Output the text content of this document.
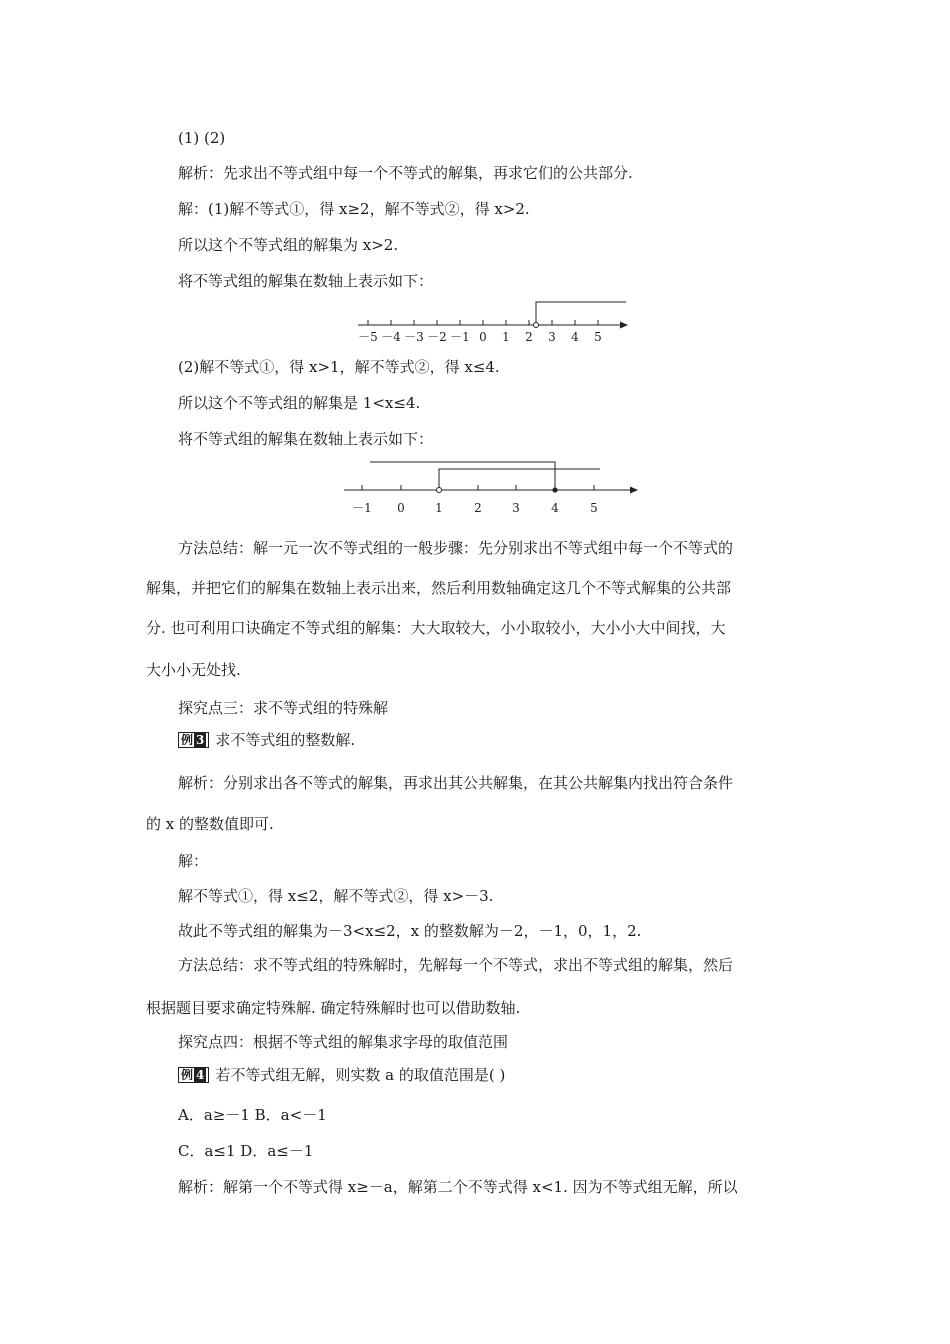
(1) (2)
解析：先求出不等式组中每一个不等式的解集，再求它们的公共部分.
解：(1)解不等式①，得 x≥2，解不等式②，得 x>2.
所以这个不等式组的解集为 x>2.
将不等式组的解集在数轴上表示如下：
－5 －4 －3 －2 －1 0 1 2 3 4 5
(2)解不等式①，得 x>1，解不等式②，得 x≤4.
所以这个不等式组的解集是 1<x≤4.
将不等式组的解集在数轴上表示如下：
－1 0	1	2	3	4	5
方法总结：解一元一次不等式组的一般步骤：先分别求出不等式组中每一个不等式的
解集，并把它们的解集在数轴上表示出来，然后利用数轴确定这几个不等式解集的公共部
分. 也可利用口诀确定不等式组的解集：大大取较大，小小取较小，大小小大中间找，大
大小小无处找.
探究点三：求不等式组的特殊解
例 3 求不等式组的整数解.
解析：分别求出各不等式的解集，再求出其公共解集，在其公共解集内找出符合条件
的 x 的整数值即可.
解：
解不等式①，得 x≤2，解不等式②，得 x>－3.
故此不等式组的解集为－3<x≤2，x 的整数解为－2，－1，0，1，2.
方法总结：求不等式组的特殊解时，先解每一个不等式，求出不等式组的解集，然后
根据题目要求确定特殊解. 确定特殊解时也可以借助数轴.
探究点四：根据不等式组的解集求字母的取值范围
例 4 若不等式组无解，则实数 a 的取值范围是( )
A．a≥－1 B．a<－1
C．a≤1 D．a≤－1
解析：解第一个不等式得 x≥－a，解第二个不等式得 x<1. 因为不等式组无解，所以
